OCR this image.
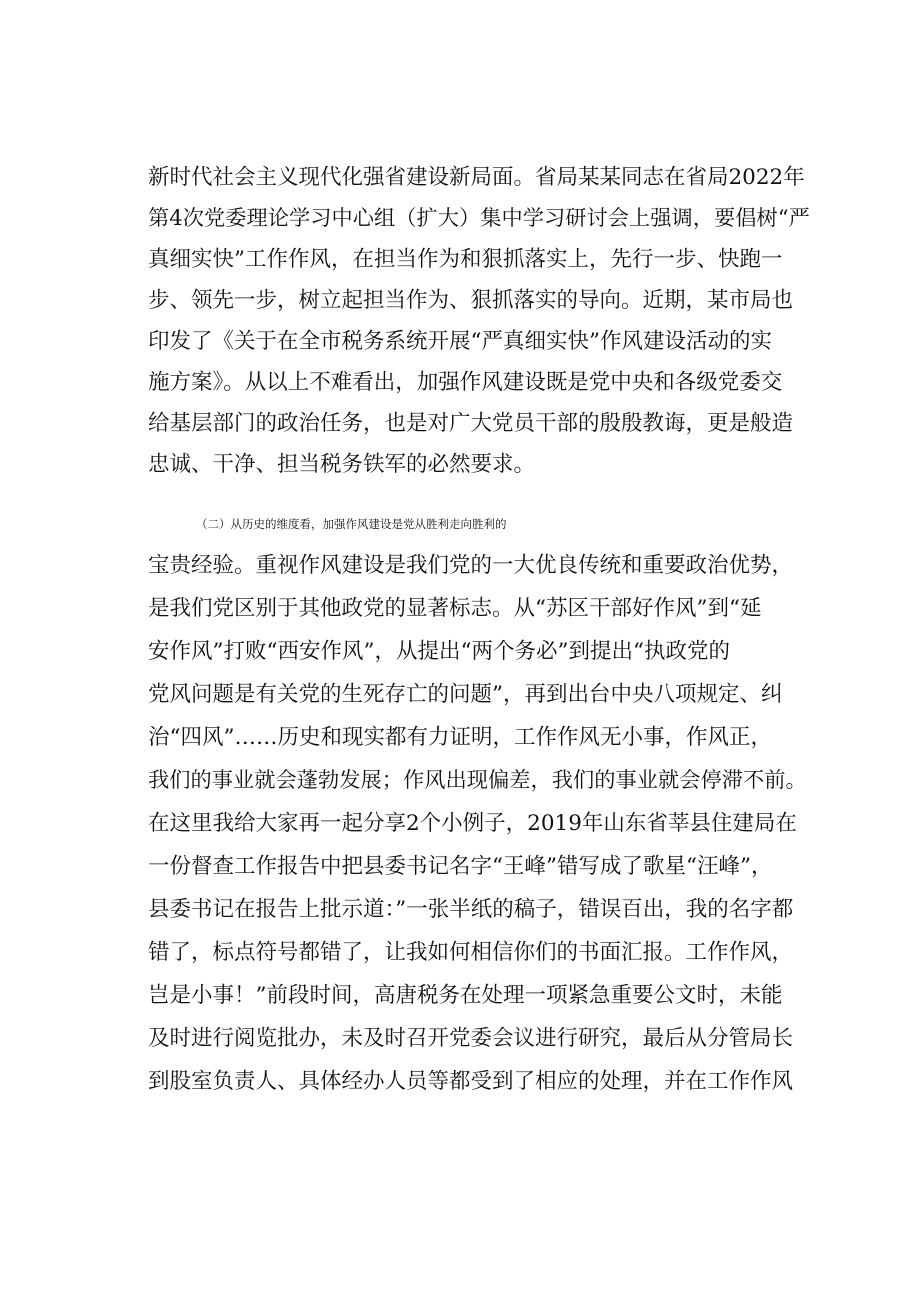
新时代社会主义现代化强省建设新局面。省局某某同志在省局2022年
第4次党委理论学习中心组（扩大）集中学习研讨会上强调，要倡树“严
真细实快”工作作风，在担当作为和狠抓落实上，先行一步、快跑一
步、领先一步，树立起担当作为、狠抓落实的导向。近期，某市局也
印发了《关于在全市税务系统开展“严真细实快”作风建设活动的实
施方案》。从以上不难看出，加强作风建设既是党中央和各级党委交
给基层部门的政治任务，也是对广大党员干部的殷殷教诲，更是般造
忠诚、干净、担当税务铁军的必然要求。
（二）从历史的维度看，加强作风建设是党从胜利走向胜利的
宝贵经验。重视作风建设是我们党的一大优良传统和重要政治优势，
是我们党区别于其他政党的显著标志。从“苏区干部好作风”到“延
安作风”打败“西安作风”，从提出“两个务必”到提出“执政党的
党风问题是有关党的生死存亡的问题”，再到出台中央八项规定、纠
治“四风”……历史和现实都有力证明，工作作风无小事，作风正，
我们的事业就会蓬勃发展；作风出现偏差，我们的事业就会停滞不前。
在这里我给大家再一起分享2个小例子，2019年山东省莘县住建局在
一份督查工作报告中把县委书记名字“王峰”错写成了歌星“汪峰”，
县委书记在报告上批示道：”一张半纸的稿子，错误百出，我的名字都
错了，标点符号都错了，让我如何相信你们的书面汇报。工作作风，
岂是小事！”前段时间，高唐税务在处理一项紧急重要公文时，未能
及时进行阅览批办，未及时召开党委会议进行研究，最后从分管局长
到股室负责人、具体经办人员等都受到了相应的处理，并在工作作风
